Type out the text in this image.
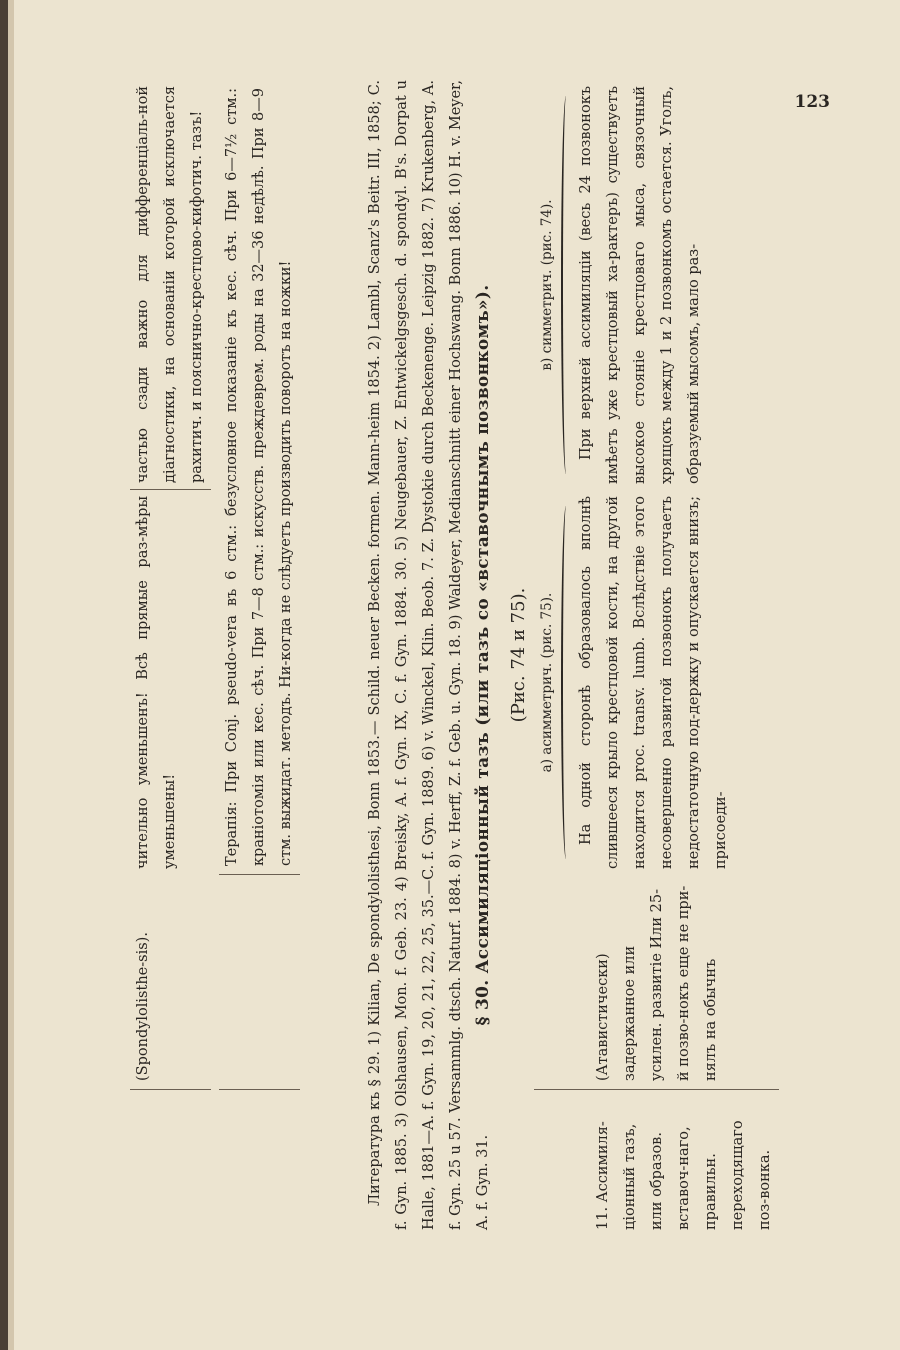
123
(Spondylolisthe-sis).
чительно уменьшенъ! Всѣ прямые раз-мѣры уменьшены!
частью сзади важно для дифференціаль-ной діагностики, на основаніи которой исключается рахитич. и поясничнo-крестцово-кифотич. тазъ!	Терапія: При Conj. pseudo-vera въ 6 стм.: безусловное показаніе къ кес. сѣч. При 6—7½ стм.: краніотомія или кес. сѣч. При 7—8 стм.: искусств. преждеврем. роды на 32—36 недѣлѣ. При 8—9 стм. выжидат. методъ. Ни-когда не слѣдуетъ производить поворотъ на ножки!	Литература къ § 29. 1) Kilian, De spondylolisthesi, Bonn 1853.— Schild. neuer Becken. formen. Mann-heim 1854. 2) Lambl, Scanz's Beitr. III, 1858; C. f. Gyn. 1885. 3) Olshausen, Mon. f. Geb. 23. 4) Breisky, A. f. Gyn. IX, C. f. Gyn. 1884. 30. 5) Neugebauer, Z. Entwickelgsgesch. d. spondyl. B's. Dorpat u Halle, 1881—A. f. Gyn. 19, 20, 21, 22, 25, 35.—C. f. Gyn. 1889. 6) v. Winckel, Klin. Beob. 7. Z. Dystokie durch Beckenenge. Leipzig 1882. 7) Krukenberg, A. f. Gyn. 25 u 57. Versammlg. dtsch. Naturf. 1884. 8) v. Herff, Z. f. Geb. u. Gyn. 18. 9) Waldeyer, Medianschnitt einer Hochswang. Bonn 1886. 10) H. v. Meyer, A. f. Gyn. 31.

§ 30. Ассимиляціонный тазъ (или тазъ со «вставочнымъ позвонкомъ»). (Рис. 74 и 75).
11. Ассимиля-ціонный тазъ, или образов. вставоч-наго, правильн. переходящаго поз-вонка.
(Атавистически) задержанное или усилен. развитіе Или 25-й позво-нокъ еще не при-нялъ на обычнъ
а) асимметрич. (рис. 75).	На одной сторонѣ образовалось вполнѣ слившееся крыло крестцовой кости, на другой находится proc. transv. lumb. Вслѣдствіе этого несовершенно развитой позвонокъ получаетъ недостаточную под-держку и опускается внизъ; присоеди-
в) симметрич. (рис. 74).	При верхней ассимиляціи (весь 24 позвонокъ имѣетъ уже крестцовый ха-рактеръ) существуетъ высокое стояніе крестцоваго мыса, связочный хрящокъ между 1 и 2 позвонкомъ остается. Уголъ, образуемый мысомъ, мало раз-
